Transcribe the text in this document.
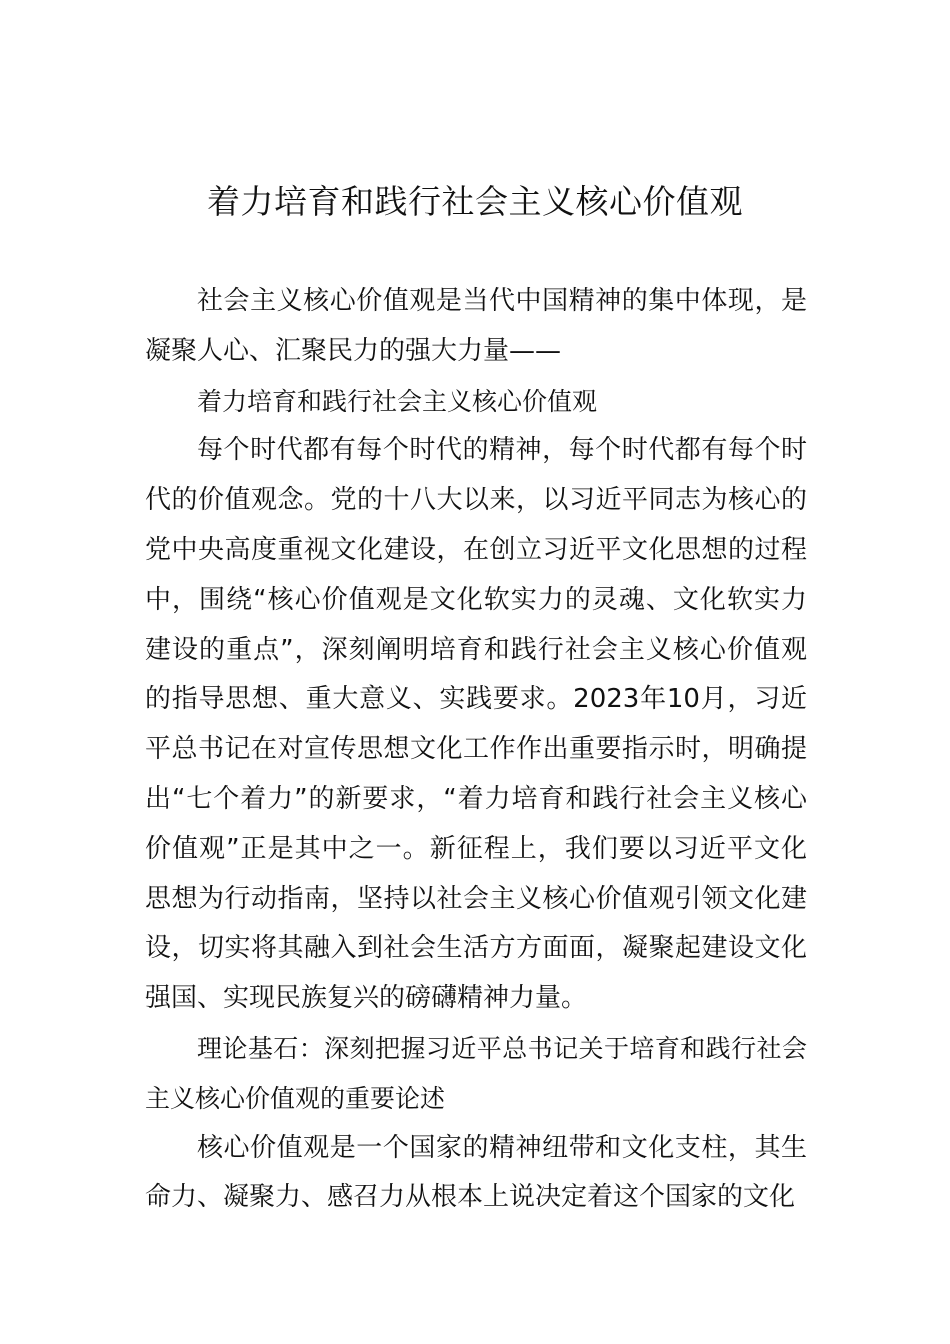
着力培育和践行社会主义核心价值观

社会主义核心价值观是当代中国精神的集中体现，是凝聚人心、汇聚民力的强大力量——

着力培育和践行社会主义核心价值观

每个时代都有每个时代的精神，每个时代都有每个时代的价值观念。党的十八大以来，以习近平同志为核心的党中央高度重视文化建设，在创立习近平文化思想的过程中，围绕“核心价值观是文化软实力的灵魂、文化软实力建设的重点”，深刻阐明培育和践行社会主义核心价值观的指导思想、重大意义、实践要求。2023年10月，习近平总书记在对宣传思想文化工作作出重要指示时，明确提出“七个着力”的新要求，“着力培育和践行社会主义核心价值观”正是其中之一。新征程上，我们要以习近平文化思想为行动指南，坚持以社会主义核心价值观引领文化建设，切实将其融入到社会生活方方面面，凝聚起建设文化强国、实现民族复兴的磅礴精神力量。

理论基石：深刻把握习近平总书记关于培育和践行社会主义核心价值观的重要论述

核心价值观是一个国家的精神纽带和文化支柱，其生命力、凝聚力、感召力从根本上说决定着这个国家的文化
